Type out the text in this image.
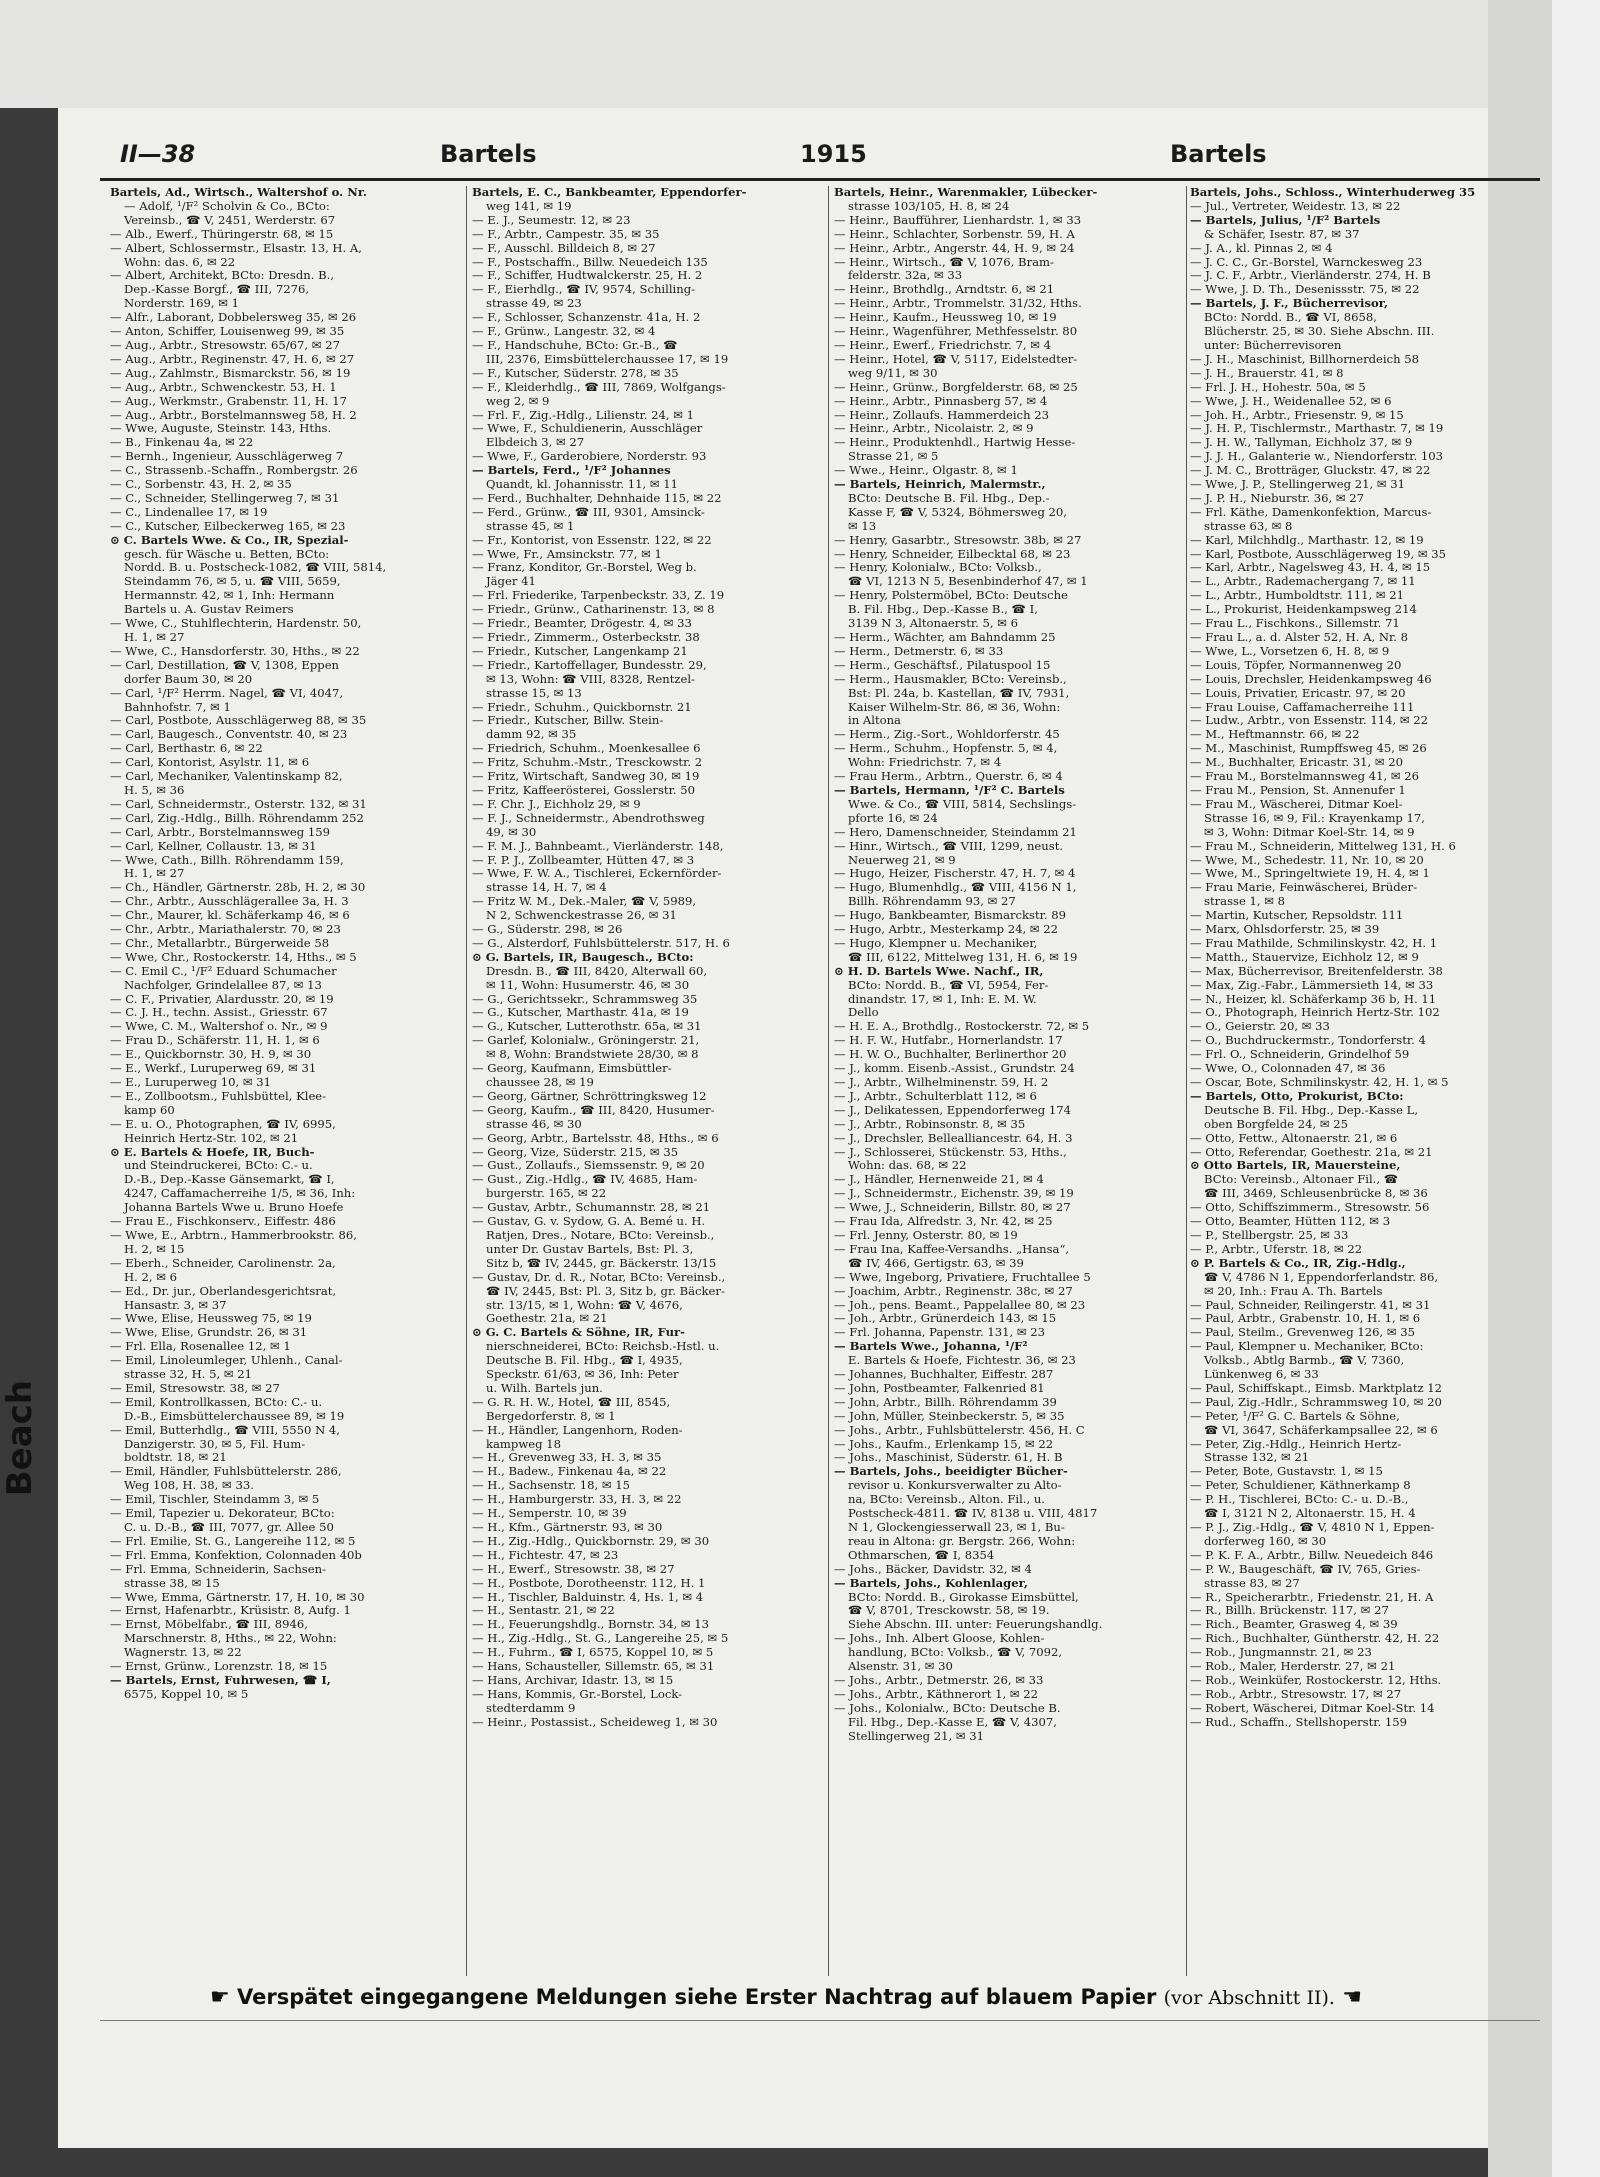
Beach
II—38	Bartels	1915	Bartels
Bartels, Ad., Wirtsch., Waltershof o. Nr.
— Adolf, ¹/F² Scholvin & Co., BCto:
Vereinsb., ☎ V, 2451, Werderstr. 67
— Alb., Ewerf., Thüringerstr. 68, ✉ 15
— Albert, Schlossermstr., Elsastr. 13, H. A,
Wohn: das. 6, ✉ 22
— Albert, Architekt, BCto: Dresdn. B.,
Dep.-Kasse Borgf., ☎ III, 7276,
Norderstr. 169, ✉ 1
— Alfr., Laborant, Dobbelersweg 35, ✉ 26
— Anton, Schiffer, Louisenweg 99, ✉ 35
— Aug., Arbtr., Stresowstr. 65/67, ✉ 27
— Aug., Arbtr., Reginenstr. 47, H. 6, ✉ 27
— Aug., Zahlmstr., Bismarckstr. 56, ✉ 19
— Aug., Arbtr., Schwenckestr. 53, H. 1
— Aug., Werkmstr., Grabenstr. 11, H. 17
— Aug., Arbtr., Borstelmannsweg 58, H. 2
— Wwe, Auguste, Steinstr. 143, Hths.
— B., Finkenau 4a, ✉ 22
— Bernh., Ingenieur, Ausschlägerweg 7
— C., Strassenb.-Schaffn., Rombergstr. 26
— C., Sorbenstr. 43, H. 2, ✉ 35
— C., Schneider, Stellingerweg 7, ✉ 31
— C., Lindenallee 17, ✉ 19
— C., Kutscher, Eilbeckerweg 165, ✉ 23
⊙ C. Bartels Wwe. & Co., IR, Spezial-
gesch. für Wäsche u. Betten, BCto:
Nordd. B. u. Postscheck-1082, ☎ VIII, 5814,
Steindamm 76, ✉ 5, u. ☎ VIII, 5659,
Hermannstr. 42, ✉ 1, Inh: Hermann
Bartels u. A. Gustav Reimers
— Wwe, C., Stuhlflechterin, Hardenstr. 50,
H. 1, ✉ 27
— Wwe, C., Hansdorferstr. 30, Hths., ✉ 22
— Carl, Destillation, ☎ V, 1308, Eppen
dorfer Baum 30, ✉ 20
— Carl, ¹/F² Herrm. Nagel, ☎ VI, 4047,
Bahnhofstr. 7, ✉ 1
— Carl, Postbote, Ausschlägerweg 88, ✉ 35
— Carl, Baugesch., Conventstr. 40, ✉ 23
— Carl, Berthastr. 6, ✉ 22
— Carl, Kontorist, Asylstr. 11, ✉ 6
— Carl, Mechaniker, Valentinskamp 82,
H. 5, ✉ 36
— Carl, Schneidermstr., Osterstr. 132, ✉ 31
— Carl, Zig.-Hdlg., Billh. Röhrendamm 252
— Carl, Arbtr., Borstelmannsweg 159
— Carl, Kellner, Collaustr. 13, ✉ 31
— Wwe, Cath., Billh. Röhrendamm 159,
H. 1, ✉ 27
— Ch., Händler, Gärtnerstr. 28b, H. 2, ✉ 30
— Chr., Arbtr., Ausschlägerallee 3a, H. 3
— Chr., Maurer, kl. Schäferkamp 46, ✉ 6
— Chr., Arbtr., Mariathalerstr. 70, ✉ 23
— Chr., Metallarbtr., Bürgerweide 58
— Wwe, Chr., Rostockerstr. 14, Hths., ✉ 5
— C. Emil C., ¹/F² Eduard Schumacher
Nachfolger, Grindelallee 87, ✉ 13
— C. F., Privatier, Alardusstr. 20, ✉ 19
— C. J. H., techn. Assist., Griesstr. 67
— Wwe, C. M., Waltershof o. Nr., ✉ 9
— Frau D., Schäferstr. 11, H. 1, ✉ 6
— E., Quickbornstr. 30, H. 9, ✉ 30
— E., Werkf., Luruperweg 69, ✉ 31
— E., Luruperweg 10, ✉ 31
— E., Zollbootsm., Fuhlsbüttel, Klee-
kamp 60
— E. u. O., Photographen, ☎ IV, 6995,
Heinrich Hertz-Str. 102, ✉ 21
⊙ E. Bartels & Hoefe, IR, Buch-
und Steindruckerei, BCto: C.- u.
D.-B., Dep.-Kasse Gänsemarkt, ☎ I,
4247, Caffamacherreihe 1/5, ✉ 36, Inh:
Johanna Bartels Wwe u. Bruno Hoefe
— Frau E., Fischkonserv., Eiffestr. 486
— Wwe, E., Arbtrn., Hammerbrookstr. 86,
H. 2, ✉ 15
— Eberh., Schneider, Carolinenstr. 2a,
H. 2, ✉ 6
— Ed., Dr. jur., Oberlandesgerichtsrat,
Hansastr. 3, ✉ 37
— Wwe, Elise, Heussweg 75, ✉ 19
— Wwe, Elise, Grundstr. 26, ✉ 31
— Frl. Ella, Rosenallee 12, ✉ 1
— Emil, Linoleumleger, Uhlenh., Canal-
strasse 32, H. 5, ✉ 21
— Emil, Stresowstr. 38, ✉ 27
— Emil, Kontrollkassen, BCto: C.- u.
D.-B., Eimsbüttelerchaussee 89, ✉ 19
— Emil, Butterhdlg., ☎ VIII, 5550 N 4,
Danzigerstr. 30, ✉ 5, Fil. Hum-
boldtstr. 18, ✉ 21
— Emil, Händler, Fuhlsbüttelerstr. 286,
Weg 108, H. 38, ✉ 33.
— Emil, Tischler, Steindamm 3, ✉ 5
— Emil, Tapezier u. Dekorateur, BCto:
C. u. D.-B., ☎ III, 7077, gr. Allee 50
— Frl. Emilie, St. G., Langereihe 112, ✉ 5
— Frl. Emma, Konfektion, Colonnaden 40b
— Frl. Emma, Schneiderin, Sachsen-
strasse 38, ✉ 15
— Wwe, Emma, Gärtnerstr. 17, H. 10, ✉ 30
— Ernst, Hafenarbtr., Krüsistr. 8, Aufg. 1
— Ernst, Möbelfabr., ☎ III, 8946,
Marschnerstr. 8, Hths., ✉ 22, Wohn:
Wagnerstr. 13, ✉ 22
— Ernst, Grünw., Lorenzstr. 18, ✉ 15
— Bartels, Ernst, Fuhrwesen, ☎ I,
6575, Koppel 10, ✉ 5
Bartels, E. C., Bankbeamter, Eppendorfer-
weg 141, ✉ 19
— E. J., Seumestr. 12, ✉ 23
— F., Arbtr., Campestr. 35, ✉ 35
— F., Ausschl. Billdeich 8, ✉ 27
— F., Postschaffn., Billw. Neuedeich 135
— F., Schiffer, Hudtwalckerstr. 25, H. 2
— F., Eierhdlg., ☎ IV, 9574, Schilling-
strasse 49, ✉ 23
— F., Schlosser, Schanzenstr. 41a, H. 2
— F., Grünw., Langestr. 32, ✉ 4
— F., Handschuhe, BCto: Gr.-B., ☎
III, 2376, Eimsbüttelerchaussee 17, ✉ 19
— F., Kutscher, Süderstr. 278, ✉ 35
— F., Kleiderhdlg., ☎ III, 7869, Wolfgangs-
weg 2, ✉ 9
— Frl. F., Zig.-Hdlg., Lilienstr. 24, ✉ 1
— Wwe, F., Schuldienerin, Ausschläger
Elbdeich 3, ✉ 27
— Wwe, F., Garderobiere, Norderstr. 93
— Bartels, Ferd., ¹/F² Johannes
Quandt, kl. Johannisstr. 11, ✉ 11
— Ferd., Buchhalter, Dehnhaide 115, ✉ 22
— Ferd., Grünw., ☎ III, 9301, Amsinck-
strasse 45, ✉ 1
— Fr., Kontorist, von Essenstr. 122, ✉ 22
— Wwe, Fr., Amsinckstr. 77, ✉ 1
— Franz, Konditor, Gr.-Borstel, Weg b.
Jäger 41
— Frl. Friederike, Tarpenbeckstr. 33, Z. 19
— Friedr., Grünw., Catharinenstr. 13, ✉ 8
— Friedr., Beamter, Drögestr. 4, ✉ 33
— Friedr., Zimmerm., Osterbeckstr. 38
— Friedr., Kutscher, Langenkamp 21
— Friedr., Kartoffellager, Bundesstr. 29,
✉ 13, Wohn: ☎ VIII, 8328, Rentzel-
strasse 15, ✉ 13
— Friedr., Schuhm., Quickbornstr. 21
— Friedr., Kutscher, Billw. Stein-
damm 92, ✉ 35
— Friedrich, Schuhm., Moenkesallee 6
— Fritz, Schuhm.-Mstr., Tresckowstr. 2
— Fritz, Wirtschaft, Sandweg 30, ✉ 19
— Fritz, Kaffeerösterei, Gosslerstr. 50
— F. Chr. J., Eichholz 29, ✉ 9
— F. J., Schneidermstr., Abendrothsweg
49, ✉ 30
— F. M. J., Bahnbeamt., Vierländerstr. 148,
— F. P. J., Zollbeamter, Hütten 47, ✉ 3
— Wwe, F. W. A., Tischlerei, Eckernförder-
strasse 14, H. 7, ✉ 4
— Fritz W. M., Dek.-Maler, ☎ V, 5989,
N 2, Schwenckestrasse 26, ✉ 31
— G., Süderstr. 298, ✉ 26
— G., Alsterdorf, Fuhlsbüttelerstr. 517, H. 6
⊙ G. Bartels, IR, Baugesch., BCto:
Dresdn. B., ☎ III, 8420, Alterwall 60,
✉ 11, Wohn: Husumerstr. 46, ✉ 30
— G., Gerichtssekr., Schrammsweg 35
— G., Kutscher, Marthastr. 41a, ✉ 19
— G., Kutscher, Lutterothstr. 65a, ✉ 31
— Garlef, Kolonialw., Gröningerstr. 21,
✉ 8, Wohn: Brandstwiete 28/30, ✉ 8
— Georg, Kaufmann, Eimsbüttler-
chaussee 28, ✉ 19
— Georg, Gärtner, Schröttringksweg 12
— Georg, Kaufm., ☎ III, 8420, Husumer-
strasse 46, ✉ 30
— Georg, Arbtr., Bartelsstr. 48, Hths., ✉ 6
— Georg, Vize, Süderstr. 215, ✉ 35
— Gust., Zollaufs., Siemssenstr. 9, ✉ 20
— Gust., Zig.-Hdlg., ☎ IV, 4685, Ham-
burgerstr. 165, ✉ 22
— Gustav, Arbtr., Schumannstr. 28, ✉ 21
— Gustav, G. v. Sydow, G. A. Bemé u. H.
Ratjen, Dres., Notare, BCto: Vereinsb.,
unter Dr. Gustav Bartels, Bst: Pl. 3,
Sitz b, ☎ IV, 2445, gr. Bäckerstr. 13/15
— Gustav, Dr. d. R., Notar, BCto: Vereinsb.,
☎ IV, 2445, Bst: Pl. 3, Sitz b, gr. Bäcker-
str. 13/15, ✉ 1, Wohn: ☎ V, 4676,
Goethestr. 21a, ✉ 21
⊙ G. C. Bartels & Söhne, IR, Fur-
nierschneiderei, BCto: Reichsb.-Hstl. u.
Deutsche B. Fil. Hbg., ☎ I, 4935,
Speckstr. 61/63, ✉ 36, Inh: Peter
u. Wilh. Bartels jun.
— G. R. H. W., Hotel, ☎ III, 8545,
Bergedorferstr. 8, ✉ 1
— H., Händler, Langenhorn, Roden-
kampweg 18
— H., Grevenweg 33, H. 3, ✉ 35
— H., Badew., Finkenau 4a, ✉ 22
— H., Sachsenstr. 18, ✉ 15
— H., Hamburgerstr. 33, H. 3, ✉ 22
— H., Semperstr. 10, ✉ 39
— H., Kfm., Gärtnerstr. 93, ✉ 30
— H., Zig.-Hdlg., Quickbornstr. 29, ✉ 30
— H., Fichtestr. 47, ✉ 23
— H., Ewerf., Stresowstr. 38, ✉ 27
— H., Postbote, Dorotheenstr. 112, H. 1
— H., Tischler, Balduinstr. 4, Hs. 1, ✉ 4
— H., Sentastr. 21, ✉ 22
— H., Feuerungshdlg., Bornstr. 34, ✉ 13
— H., Zig.-Hdlg., St. G., Langereihe 25, ✉ 5
— H., Fuhrm., ☎ I, 6575, Koppel 10, ✉ 5
— Hans, Schausteller, Sillemstr. 65, ✉ 31
— Hans, Archivar, Idastr. 13, ✉ 15
— Hans, Kommis, Gr.-Borstel, Lock-
stedterdamm 9
— Heinr., Postassist., Scheideweg 1, ✉ 30
Bartels, Heinr., Warenmakler, Lübecker-
strasse 103/105, H. 8, ✉ 24
— Heinr., Baufführer, Lienhardstr. 1, ✉ 33
— Heinr., Schlachter, Sorbenstr. 59, H. A
— Heinr., Arbtr., Angerstr. 44, H. 9, ✉ 24
— Heinr., Wirtsch., ☎ V, 1076, Bram-
felderstr. 32a, ✉ 33
— Heinr., Brothdlg., Arndtstr. 6, ✉ 21
— Heinr., Arbtr., Trommelstr. 31/32, Hths.
— Heinr., Kaufm., Heussweg 10, ✉ 19
— Heinr., Wagenführer, Methfesselstr. 80
— Heinr., Ewerf., Friedrichstr. 7, ✉ 4
— Heinr., Hotel, ☎ V, 5117, Eidelstedter-
weg 9/11, ✉ 30
— Heinr., Grünw., Borgfelderstr. 68, ✉ 25
— Heinr., Arbtr., Pinnasberg 57, ✉ 4
— Heinr., Zollaufs. Hammerdeich 23
— Heinr., Arbtr., Nicolaistr. 2, ✉ 9
— Heinr., Produktenhdl., Hartwig Hesse-
Strasse 21, ✉ 5
— Wwe., Heinr., Olgastr. 8, ✉ 1
— Bartels, Heinrich, Malermstr.,
BCto: Deutsche B. Fil. Hbg., Dep.-
Kasse F, ☎ V, 5324, Böhmersweg 20,
✉ 13
— Henry, Gasarbtr., Stresowstr. 38b, ✉ 27
— Henry, Schneider, Eilbecktal 68, ✉ 23
— Henry, Kolonialw., BCto: Volksb.,
☎ VI, 1213 N 5, Besenbinderhof 47, ✉ 1
— Henry, Polstermöbel, BCto: Deutsche
B. Fil. Hbg., Dep.-Kasse B., ☎ I,
3139 N 3, Altonaerstr. 5, ✉ 6
— Herm., Wächter, am Bahndamm 25
— Herm., Detmerstr. 6, ✉ 33
— Herm., Geschäftsf., Pilatuspool 15
— Herm., Hausmakler, BCto: Vereinsb.,
Bst: Pl. 24a, b. Kastellan, ☎ IV, 7931,
Kaiser Wilhelm-Str. 86, ✉ 36, Wohn:
in Altona
— Herm., Zig.-Sort., Wohldorferstr. 45
— Herm., Schuhm., Hopfenstr. 5, ✉ 4,
Wohn: Friedrichstr. 7, ✉ 4
— Frau Herm., Arbtrn., Querstr. 6, ✉ 4
— Bartels, Hermann, ¹/F² C. Bartels
Wwe. & Co., ☎ VIII, 5814, Sechslings-
pforte 16, ✉ 24
— Hero, Damenschneider, Steindamm 21
— Hinr., Wirtsch., ☎ VIII, 1299, neust.
Neuerweg 21, ✉ 9
— Hugo, Heizer, Fischerstr. 47, H. 7, ✉ 4
— Hugo, Blumenhdlg., ☎ VIII, 4156 N 1,
Billh. Röhrendamm 93, ✉ 27
— Hugo, Bankbeamter, Bismarckstr. 89
— Hugo, Arbtr., Mesterkamp 24, ✉ 22
— Hugo, Klempner u. Mechaniker,
☎ III, 6122, Mittelweg 131, H. 6, ✉ 19
⊙ H. D. Bartels Wwe. Nachf., IR,
BCto: Nordd. B., ☎ VI, 5954, Fer-
dinandstr. 17, ✉ 1, Inh: E. M. W.
Dello
— H. E. A., Brothdlg., Rostockerstr. 72, ✉ 5
— H. F. W., Hutfabr., Hornerlandstr. 17
— H. W. O., Buchhalter, Berlinerthor 20
— J., komm. Eisenb.-Assist., Grundstr. 24
— J., Arbtr., Wilhelminenstr. 59, H. 2
— J., Arbtr., Schulterblatt 112, ✉ 6
— J., Delikatessen, Eppendorferweg 174
— J., Arbtr., Robinsonstr. 8, ✉ 35
— J., Drechsler, Bellealliancestr. 64, H. 3
— J., Schlosserei, Stückenstr. 53, Hths.,
Wohn: das. 68, ✉ 22
— J., Händler, Hernenweide 21, ✉ 4
— J., Schneidermstr., Eichenstr. 39, ✉ 19
— Wwe, J., Schneiderin, Billstr. 80, ✉ 27
— Frau Ida, Alfredstr. 3, Nr. 42, ✉ 25
— Frl. Jenny, Osterstr. 80, ✉ 19
— Frau Ina, Kaffee-Versandhs. „Hansa“,
☎ IV, 466, Gertigstr. 63, ✉ 39
— Wwe, Ingeborg, Privatiere, Fruchtallee 5
— Joachim, Arbtr., Reginenstr. 38c, ✉ 27
— Joh., pens. Beamt., Pappelallee 80, ✉ 23
— Joh., Arbtr., Grünerdeich 143, ✉ 15
— Frl. Johanna, Papenstr. 131, ✉ 23
— Bartels Wwe., Johanna, ¹/F²
E. Bartels & Hoefe, Fichtestr. 36, ✉ 23
— Johannes, Buchhalter, Eiffestr. 287
— John, Postbeamter, Falkenried 81
— John, Arbtr., Billh. Röhrendamm 39
— John, Müller, Steinbeckerstr. 5, ✉ 35
— Johs., Arbtr., Fuhlsbüttelerstr. 456, H. C
— Johs., Kaufm., Erlenkamp 15, ✉ 22
— Johs., Maschinist, Süderstr. 61, H. B
— Bartels, Johs., beeidigter Bücher-
revisor u. Konkursverwalter zu Alto-
na, BCto: Vereinsb., Alton. Fil., u.
Postscheck-4811. ☎ IV, 8138 u. VIII, 4817
N 1, Glockengiesserwall 23, ✉ 1, Bu-
reau in Altona: gr. Bergstr. 266, Wohn:
Othmarschen, ☎ I, 8354
— Johs., Bäcker, Davidstr. 32, ✉ 4
— Bartels, Johs., Kohlenlager,
BCto: Nordd. B., Girokasse Eimsbüttel,
☎ V, 8701, Tresckowstr. 58, ✉ 19.
Siehe Abschn. III. unter: Feuerungshandlg.
— Johs., Inh. Albert Gloose, Kohlen-
handlung, BCto: Volksb., ☎ V, 7092,
Alsenstr. 31, ✉ 30
— Johs., Arbtr., Detmerstr. 26, ✉ 33
— Johs., Arbtr., Käthnerort 1, ✉ 22
— Johs., Kolonialw., BCto: Deutsche B.
Fil. Hbg., Dep.-Kasse E, ☎ V, 4307,
Stellingerweg 21, ✉ 31
Bartels, Johs., Schloss., Winterhuderweg 35
— Jul., Vertreter, Weidestr. 13, ✉ 22
— Bartels, Julius, ¹/F² Bartels
& Schäfer, Isestr. 87, ✉ 37
— J. A., kl. Pinnas 2, ✉ 4
— J. C. C., Gr.-Borstel, Warnckesweg 23
— J. C. F., Arbtr., Vierländerstr. 274, H. B
— Wwe, J. D. Th., Desenissstr. 75, ✉ 22
— Bartels, J. F., Bücherrevisor,
BCto: Nordd. B., ☎ VI, 8658,
Blücherstr. 25, ✉ 30. Siehe Abschn. III.
unter: Bücherrevisoren
— J. H., Maschinist, Billhornerdeich 58
— J. H., Brauerstr. 41, ✉ 8
— Frl. J. H., Hohestr. 50a, ✉ 5
— Wwe, J. H., Weidenallee 52, ✉ 6
— Joh. H., Arbtr., Friesenstr. 9, ✉ 15
— J. H. P., Tischlermstr., Marthastr. 7, ✉ 19
— J. H. W., Tallyman, Eichholz 37, ✉ 9
— J. J. H., Galanterie w., Niendorferstr. 103
— J. M. C., Brotträger, Gluckstr. 47, ✉ 22
— Wwe, J. P., Stellingerweg 21, ✉ 31
— J. P. H., Nieburstr. 36, ✉ 27
— Frl. Käthe, Damenkonfektion, Marcus-
strasse 63, ✉ 8
— Karl, Milchhdlg., Marthastr. 12, ✉ 19
— Karl, Postbote, Ausschlägerweg 19, ✉ 35
— Karl, Arbtr., Nagelsweg 43, H. 4, ✉ 15
— L., Arbtr., Rademachergang 7, ✉ 11
— L., Arbtr., Humboldtstr. 111, ✉ 21
— L., Prokurist, Heidenkampsweg 214
— Frau L., Fischkons., Sillemstr. 71
— Frau L., a. d. Alster 52, H. A, Nr. 8
— Wwe, L., Vorsetzen 6, H. 8, ✉ 9
— Louis, Töpfer, Normannenweg 20
— Louis, Drechsler, Heidenkampsweg 46
— Louis, Privatier, Ericastr. 97, ✉ 20
— Frau Louise, Caffamacherreihe 111
— Ludw., Arbtr., von Essenstr. 114, ✉ 22
— M., Heftmannstr. 66, ✉ 22
— M., Maschinist, Rumpffsweg 45, ✉ 26
— M., Buchhalter, Ericastr. 31, ✉ 20
— Frau M., Borstelmannsweg 41, ✉ 26
— Frau M., Pension, St. Annenufer 1
— Frau M., Wäscherei, Ditmar Koel-
Strasse 16, ✉ 9, Fil.: Krayenkamp 17,
✉ 3, Wohn: Ditmar Koel-Str. 14, ✉ 9
— Frau M., Schneiderin, Mittelweg 131, H. 6
— Wwe, M., Schedestr. 11, Nr. 10, ✉ 20
— Wwe, M., Springeltwiete 19, H. 4, ✉ 1
— Frau Marie, Feinwäscherei, Brüder-
strasse 1, ✉ 8
— Martin, Kutscher, Repsoldstr. 111
— Marx, Ohlsdorferstr. 25, ✉ 39
— Frau Mathilde, Schmilinskystr. 42, H. 1
— Matth., Stauervize, Eichholz 12, ✉ 9
— Max, Bücherrevisor, Breitenfelderstr. 38
— Max, Zig.-Fabr., Lämmersieth 14, ✉ 33
— N., Heizer, kl. Schäferkamp 36 b, H. 11
— O., Photograph, Heinrich Hertz-Str. 102
— O., Geierstr. 20, ✉ 33
— O., Buchdruckermstr., Tondorferstr. 4
— Frl. O., Schneiderin, Grindelhof 59
— Wwe, O., Colonnaden 47, ✉ 36
— Oscar, Bote, Schmilinskystr. 42, H. 1, ✉ 5
— Bartels, Otto, Prokurist, BCto:
Deutsche B. Fil. Hbg., Dep.-Kasse L,
oben Borgfelde 24, ✉ 25
— Otto, Fettw., Altonaerstr. 21, ✉ 6
— Otto, Referendar, Goethestr. 21a, ✉ 21
⊙ Otto Bartels, IR, Mauersteine,
BCto: Vereinsb., Altonaer Fil., ☎
☎ III, 3469, Schleusenbrücke 8, ✉ 36
— Otto, Schiffszimmerm., Stresowstr. 56
— Otto, Beamter, Hütten 112, ✉ 3
— P., Stellbergstr. 25, ✉ 33
— P., Arbtr., Uferstr. 18, ✉ 22
⊙ P. Bartels & Co., IR, Zig.-Hdlg.,
☎ V, 4786 N 1, Eppendorferlandstr. 86,
✉ 20, Inh.: Frau A. Th. Bartels
— Paul, Schneider, Reilingerstr. 41, ✉ 31
— Paul, Arbtr., Grabenstr. 10, H. 1, ✉ 6
— Paul, Steilm., Grevenweg 126, ✉ 35
— Paul, Klempner u. Mechaniker, BCto:
Volksb., Abtlg Barmb., ☎ V, 7360,
Lünkenweg 6, ✉ 33
— Paul, Schiffskapt., Eimsb. Marktplatz 12
— Paul, Zig.-Hdlr., Schrammsweg 10, ✉ 20
— Peter, ¹/F² G. C. Bartels & Söhne,
☎ VI, 3647, Schäferkampsallee 22, ✉ 6
— Peter, Zig.-Hdlg., Heinrich Hertz-
Strasse 132, ✉ 21
— Peter, Bote, Gustavstr. 1, ✉ 15
— Peter, Schuldiener, Käthnerkamp 8
— P. H., Tischlerei, BCto: C.- u. D.-B.,
☎ I, 3121 N 2, Altonaerstr. 15, H. 4
— P. J., Zig.-Hdlg., ☎ V, 4810 N 1, Eppen-
dorferweg 160, ✉ 30
— P. K. F. A., Arbtr., Billw. Neuedeich 846
— P. W., Baugeschäft, ☎ IV, 765, Gries-
strasse 83, ✉ 27
— R., Speicherarbtr., Friedenstr. 21, H. A
— R., Billh. Brückenstr. 117, ✉ 27
— Rich., Beamter, Grasweg 4, ✉ 39
— Rich., Buchhalter, Güntherstr. 42, H. 22
— Rob., Jungmannstr. 21, ✉ 23
— Rob., Maler, Herderstr. 27, ✉ 21
— Rob., Weinküfer, Rostockerstr. 12, Hths.
— Rob., Arbtr., Stresowstr. 17, ✉ 27
— Robert, Wäscherei, Ditmar Koel-Str. 14
— Rud., Schaffn., Stellshoperstr. 159
☛ Verspätet eingegangene Meldungen siehe Erster Nachtrag auf blauem Papier (vor Abschnitt II). ☚
